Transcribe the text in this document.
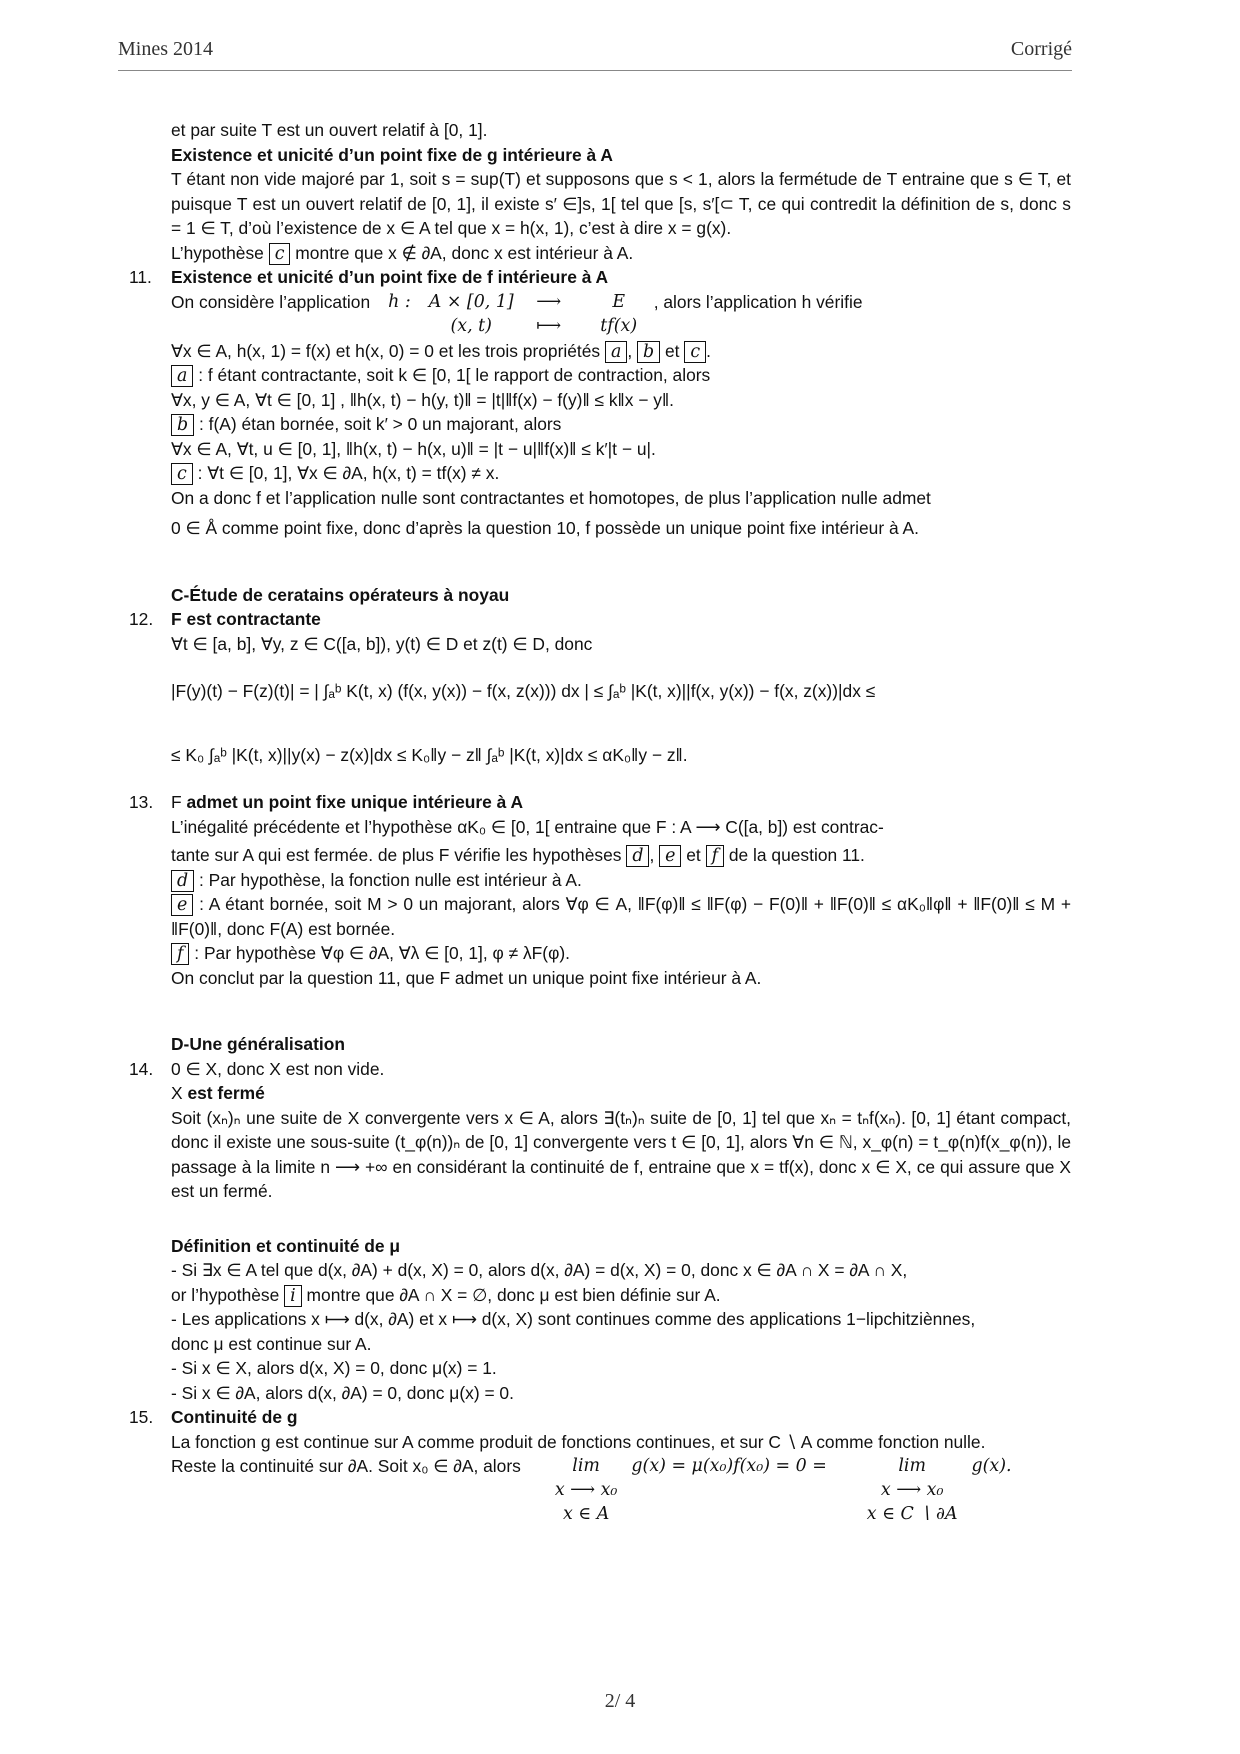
Mines 2014	Corrigé

et par suite T est un ouvert relatif à [0, 1].

Existence et unicité d’un point fixe de g intérieure à A

T étant non vide majoré par 1, soit s = sup(T) et supposons que s < 1, alors la fermétude de T entraine que s ∈ T, et puisque T est un ouvert relatif de [0, 1], il existe s′ ∈]s, 1[ tel que [s, s′[⊂ T, ce qui contredit la définition de s, donc s = 1 ∈ T, d’où l’existence de x ∈ A tel que x = h(x, 1), c’est à dire x = g(x).

L’hypothèse c montre que x ∉ ∂A, donc x est intérieur à A.

11. Existence et unicité d’un point fixe de f intérieure à A

On considère l’application h : A × [0, 1]	⟶	E
(x, t)	⟼	tf(x)
, alors l’application h vérifie

∀x ∈ A, h(x, 1) = f(x) et h(x, 0) = 0 et les trois propriétés a , b et c .

a : f étant contractante, soit k ∈ [0, 1[ le rapport de contraction, alors

∀x, y ∈ A, ∀t ∈ [0, 1] , ‖h(x, t) − h(y, t)‖ = |t|‖f(x) − f(y)‖ ≤ k‖x − y‖.

b : f(A) étan bornée, soit k′ > 0 un majorant, alors

∀x ∈ A, ∀t, u ∈ [0, 1], ‖h(x, t) − h(x, u)‖ = |t − u|‖f(x)‖ ≤ k′|t − u|.

c : ∀t ∈ [0, 1], ∀x ∈ ∂A, h(x, t) = tf(x) ≠ x.

On a donc f et l’application nulle sont contractantes et homotopes, de plus l’application nulle admet

0 ∈ Å comme point fixe, donc d’après la question 10, f possède un unique point fixe intérieur à A.

C-Étude de ceratains opérateurs à noyau

12. F est contractante

∀t ∈ [a, b], ∀y, z ∈ C([a, b]), y(t) ∈ D et z(t) ∈ D, donc

|F(y)(t) − F(z)(t)| = | ∫ₐᵇ K(t, x) (f(x, y(x)) − f(x, z(x))) dx | ≤ ∫ₐᵇ |K(t, x)||f(x, y(x)) − f(x, z(x))|dx ≤
≤ K₀ ∫ₐᵇ |K(t, x)||y(x) − z(x)|dx ≤ K₀‖y − z‖ ∫ₐᵇ |K(t, x)|dx ≤ αK₀‖y − z‖.
13. F admet un point fixe unique intérieure à A

L’inégalité précédente et l’hypothèse αK₀ ∈ [0, 1[ entraine que F : A ⟶ C([a, b]) est contrac-

tante sur A qui est fermée. de plus F vérifie les hypothèses d , e et f de la question 11.

d : Par hypothèse, la fonction nulle est intérieur à A.

e : A étant bornée, soit M > 0 un majorant, alors ∀φ ∈ A, ‖F(φ)‖ ≤ ‖F(φ) − F(0)‖ + ‖F(0)‖ ≤ αK₀‖φ‖ + ‖F(0)‖ ≤ M + ‖F(0)‖, donc F(A) est bornée.

f : Par hypothèse ∀φ ∈ ∂A, ∀λ ∈ [0, 1], φ ≠ λF(φ).

On conclut par la question 11, que F admet un unique point fixe intérieur à A.

D-Une généralisation

14. 0 ∈ X, donc X est non vide.

X est fermé

Soit (xₙ)ₙ une suite de X convergente vers x ∈ A, alors ∃(tₙ)ₙ suite de [0, 1] tel que xₙ = tₙf(xₙ). [0, 1] étant compact, donc il existe une sous-suite (t_φ(n))ₙ de [0, 1] convergente vers t ∈ [0, 1], alors ∀n ∈ ℕ, x_φ(n) = t_φ(n)f(x_φ(n)), le passage à la limite n ⟶ +∞ en considérant la continuité de f, entraine que x = tf(x), donc x ∈ X, ce qui assure que X est un fermé.

Définition et continuité de μ

- Si ∃x ∈ A tel que d(x, ∂A) + d(x, X) = 0, alors d(x, ∂A) = d(x, X) = 0, donc x ∈ ∂A ∩ X = ∂A ∩ X,

or l’hypothèse i montre que ∂A ∩ X = ∅, donc μ est bien définie sur A.

- Les applications x ⟼ d(x, ∂A) et x ⟼ d(x, X) sont continues comme des applications 1−lipchitziènnes,

donc μ est continue sur A.

- Si x ∈ X, alors d(x, X) = 0, donc μ(x) = 1.

- Si x ∈ ∂A, alors d(x, ∂A) = 0, donc μ(x) = 0.

15. Continuité de g

La fonction g est continue sur A comme produit de fonctions continues, et sur C ∖ A comme fonction nulle.

Reste la continuité sur ∂A. Soit x₀ ∈ ∂A, alors	lim
x ⟶ x₀
x ∈ A
g(x) = μ(x₀)f(x₀) = 0 =	lim
x ⟶ x₀
x ∈ C ∖ ∂A
g(x).
2/ 4
